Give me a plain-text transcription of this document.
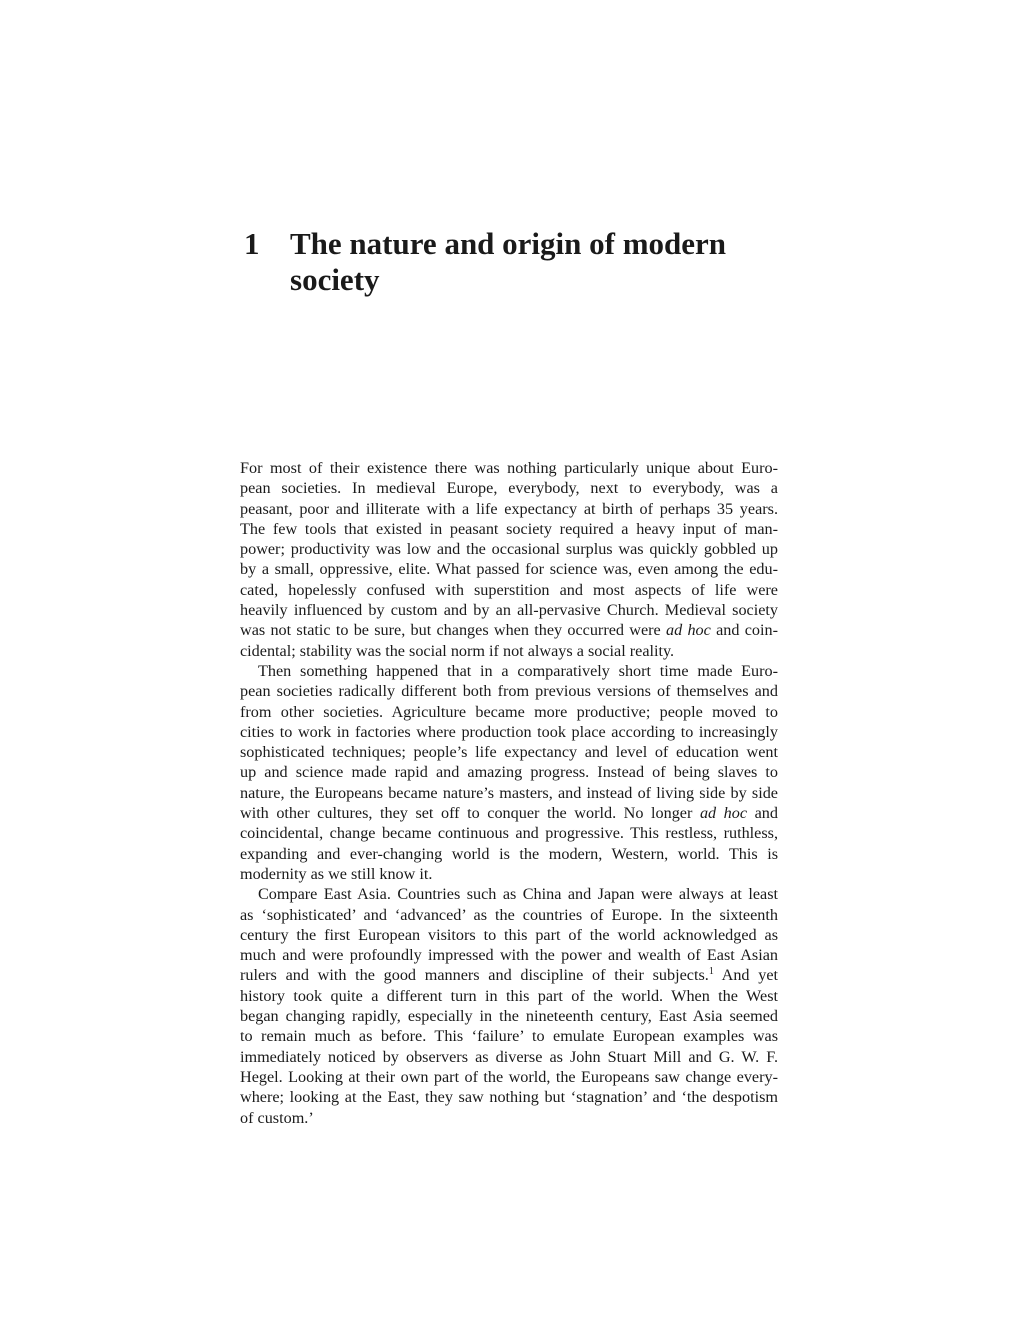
1 The nature and origin of modern
society
For most of their existence there was nothing particularly unique about Euro-
pean societies. In medieval Europe, everybody, next to everybody, was a
peasant, poor and illiterate with a life expectancy at birth of perhaps 35 years.
The few tools that existed in peasant society required a heavy input of man-
power; productivity was low and the occasional surplus was quickly gobbled up
by a small, oppressive, elite. What passed for science was, even among the edu-
cated, hopelessly confused with superstition and most aspects of life were
heavily influenced by custom and by an all-pervasive Church. Medieval society
was not static to be sure, but changes when they occurred were ad hoc and coin-
cidental; stability was the social norm if not always a social reality.
Then something happened that in a comparatively short time made Euro-
pean societies radically different both from previous versions of themselves and
from other societies. Agriculture became more productive; people moved to
cities to work in factories where production took place according to increasingly
sophisticated techniques; people’s life expectancy and level of education went
up and science made rapid and amazing progress. Instead of being slaves to
nature, the Europeans became nature’s masters, and instead of living side by side
with other cultures, they set off to conquer the world. No longer ad hoc and
coincidental, change became continuous and progressive. This restless, ruthless,
expanding and ever-changing world is the modern, Western, world. This is
modernity as we still know it.
Compare East Asia. Countries such as China and Japan were always at least
as ‘sophisticated’ and ‘advanced’ as the countries of Europe. In the sixteenth
century the first European visitors to this part of the world acknowledged as
much and were profoundly impressed with the power and wealth of East Asian
rulers and with the good manners and discipline of their subjects.$^1$ And yet
history took quite a different turn in this part of the world. When the West
began changing rapidly, especially in the nineteenth century, East Asia seemed
to remain much as before. This ‘failure’ to emulate European examples was
immediately noticed by observers as diverse as John Stuart Mill and G. W. F.
Hegel. Looking at their own part of the world, the Europeans saw change every-
where; looking at the East, they saw nothing but ‘stagnation’ and ‘the despotism
of custom.’
